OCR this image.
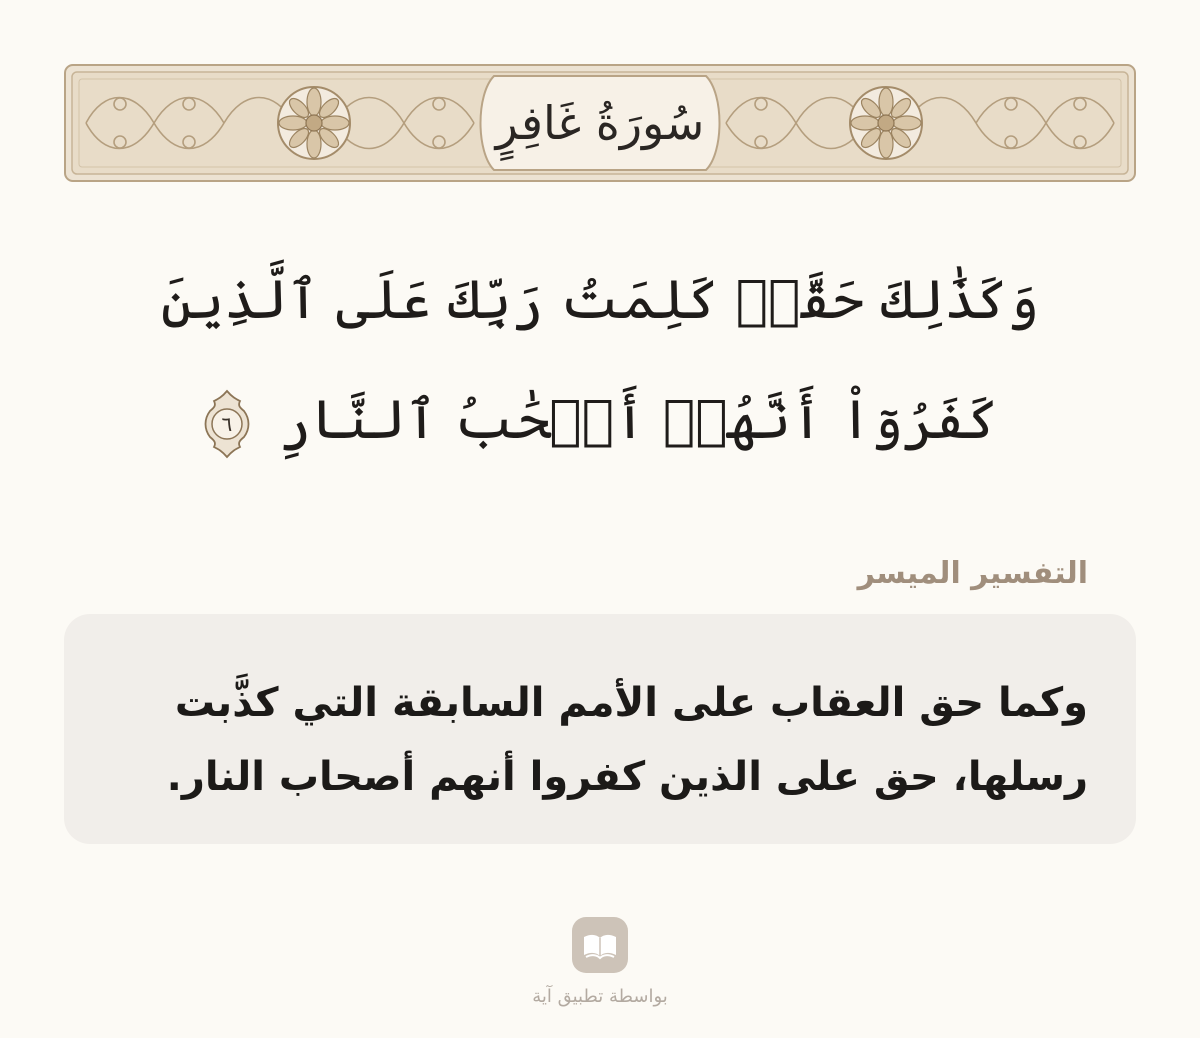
سُورَةُ غَافِرٍ
وَكَذَٰلِكَ حَقَّتۡ كَلِمَتُ رَبِّكَ عَلَى ٱلَّذِينَ
كَفَرُوٓاْ أَنَّهُمۡ أَصۡحَٰبُ ٱلنَّارِ
٦
التفسير الميسر
وكما حق العقاب على الأمم السابقة التي كذَّبت
رسلها، حق على الذين كفروا أنهم أصحاب النار.
بواسطة تطبيق آية
